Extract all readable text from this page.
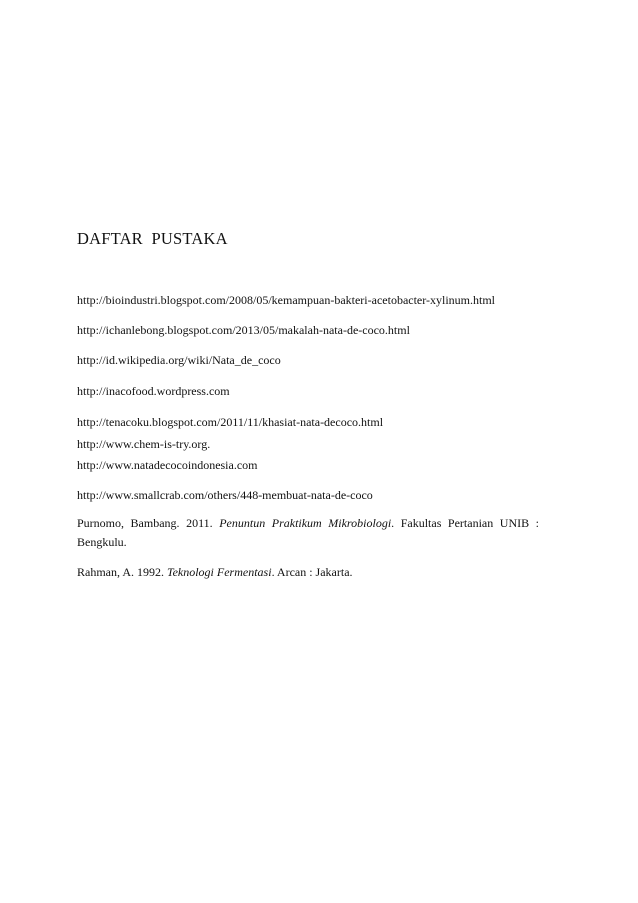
DAFTAR  PUSTAKA
http://bioindustri.blogspot.com/2008/05/kemampuan-bakteri-acetobacter-xylinum.html
http://ichanlebong.blogspot.com/2013/05/makalah-nata-de-coco.html
http://id.wikipedia.org/wiki/Nata_de_coco
http://inacofood.wordpress.com
http://tenacoku.blogspot.com/2011/11/khasiat-nata-decoco.html
http://www.chem-is-try.org.
http://www.natadecocoindonesia.com
http://www.smallcrab.com/others/448-membuat-nata-de-coco
Purnomo, Bambang. 2011. Penuntun Praktikum Mikrobiologi. Fakultas Pertanian UNIB :
Bengkulu.
Rahman, A. 1992. Teknologi Fermentasi. Arcan : Jakarta.
